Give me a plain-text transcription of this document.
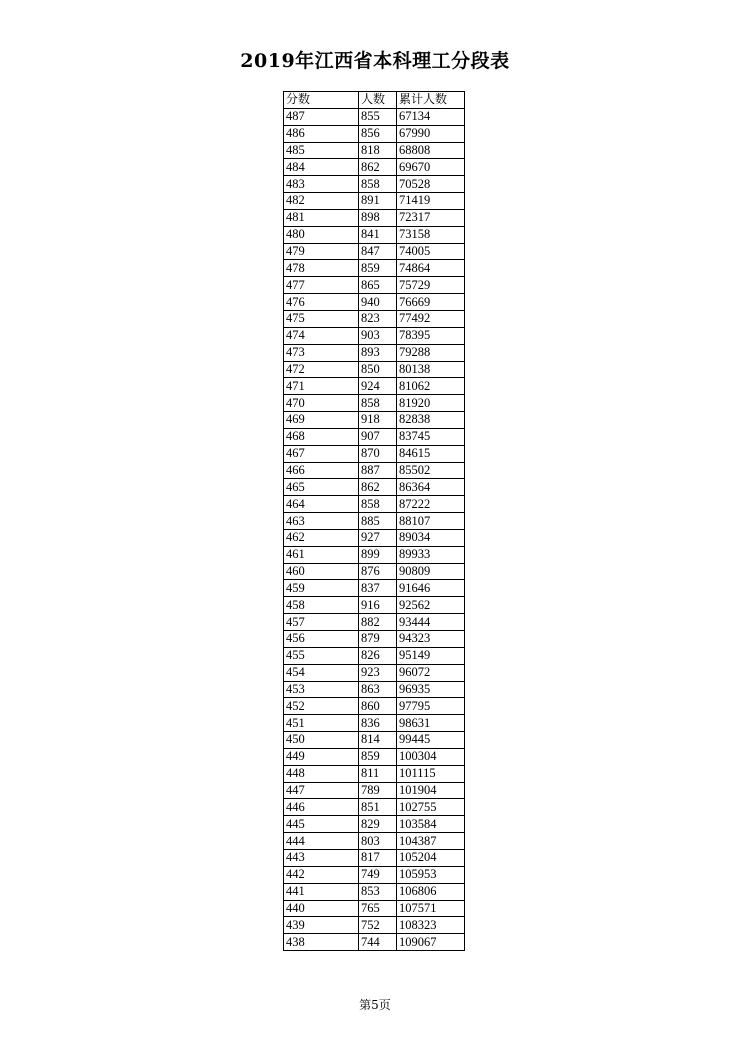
2019年江西省本科理工分段表
分数	人数	累计人数
487	855	67134
486	856	67990
485	818	68808
484	862	69670
483	858	70528
482	891	71419
481	898	72317
480	841	73158
479	847	74005
478	859	74864
477	865	75729
476	940	76669
475	823	77492
474	903	78395
473	893	79288
472	850	80138
471	924	81062
470	858	81920
469	918	82838
468	907	83745
467	870	84615
466	887	85502
465	862	86364
464	858	87222
463	885	88107
462	927	89034
461	899	89933
460	876	90809
459	837	91646
458	916	92562
457	882	93444
456	879	94323
455	826	95149
454	923	96072
453	863	96935
452	860	97795
451	836	98631
450	814	99445
449	859	100304
448	811	101115
447	789	101904
446	851	102755
445	829	103584
444	803	104387
443	817	105204
442	749	105953
441	853	106806
440	765	107571
439	752	108323
438	744	109067
第5页
